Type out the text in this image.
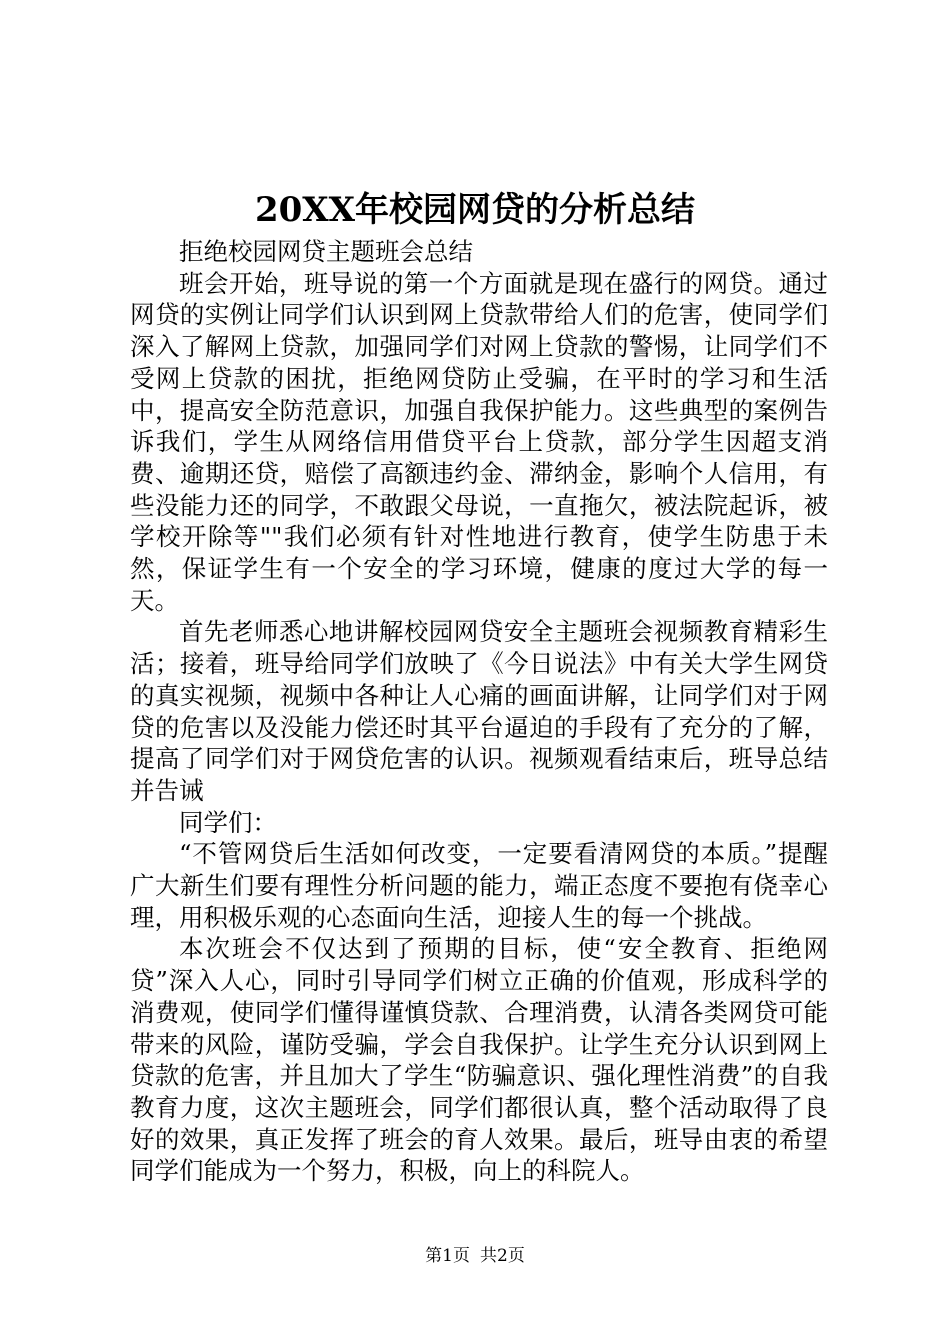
20XX年校园网贷的分析总结

拒绝校园网贷主题班会总结

班会开始，班导说的第一个方面就是现在盛行的网贷。通过网贷的实例让同学们认识到网上贷款带给人们的危害，使同学们深入了解网上贷款，加强同学们对网上贷款的警惕，让同学们不受网上贷款的困扰，拒绝网贷防止受骗，在平时的学习和生活中，提高安全防范意识，加强自我保护能力。这些典型的案例告诉我们，学生从网络信用借贷平台上贷款，部分学生因超支消费、逾期还贷，赔偿了高额违约金、滞纳金，影响个人信用，有些没能力还的同学，不敢跟父母说，一直拖欠，被法院起诉，被学校开除等""我们必须有针对性地进行教育，使学生防患于未然，保证学生有一个安全的学习环境，健康的度过大学的每一天。

首先老师悉心地讲解校园网贷安全主题班会视频教育精彩生活；接着，班导给同学们放映了《今日说法》中有关大学生网贷的真实视频，视频中各种让人心痛的画面讲解，让同学们对于网贷的危害以及没能力偿还时其平台逼迫的手段有了充分的了解，提高了同学们对于网贷危害的认识。视频观看结束后，班导总结并告诫

同学们：

“不管网贷后生活如何改变，一定要看清网贷的本质。”提醒广大新生们要有理性分析问题的能力，端正态度不要抱有侥幸心理，用积极乐观的心态面向生活，迎接人生的每一个挑战。

本次班会不仅达到了预期的目标，使“安全教育、拒绝网贷”深入人心，同时引导同学们树立正确的价值观，形成科学的消费观，使同学们懂得谨慎贷款、合理消费，认清各类网贷可能带来的风险，谨防受骗，学会自我保护。让学生充分认识到网上贷款的危害，并且加大了学生“防骗意识、强化理性消费”的自我教育力度，这次主题班会，同学们都很认真，整个活动取得了良好的效果，真正发挥了班会的育人效果。最后，班导由衷的希望同学们能成为一个努力，积极，向上的科院人。

第1页 共2页
